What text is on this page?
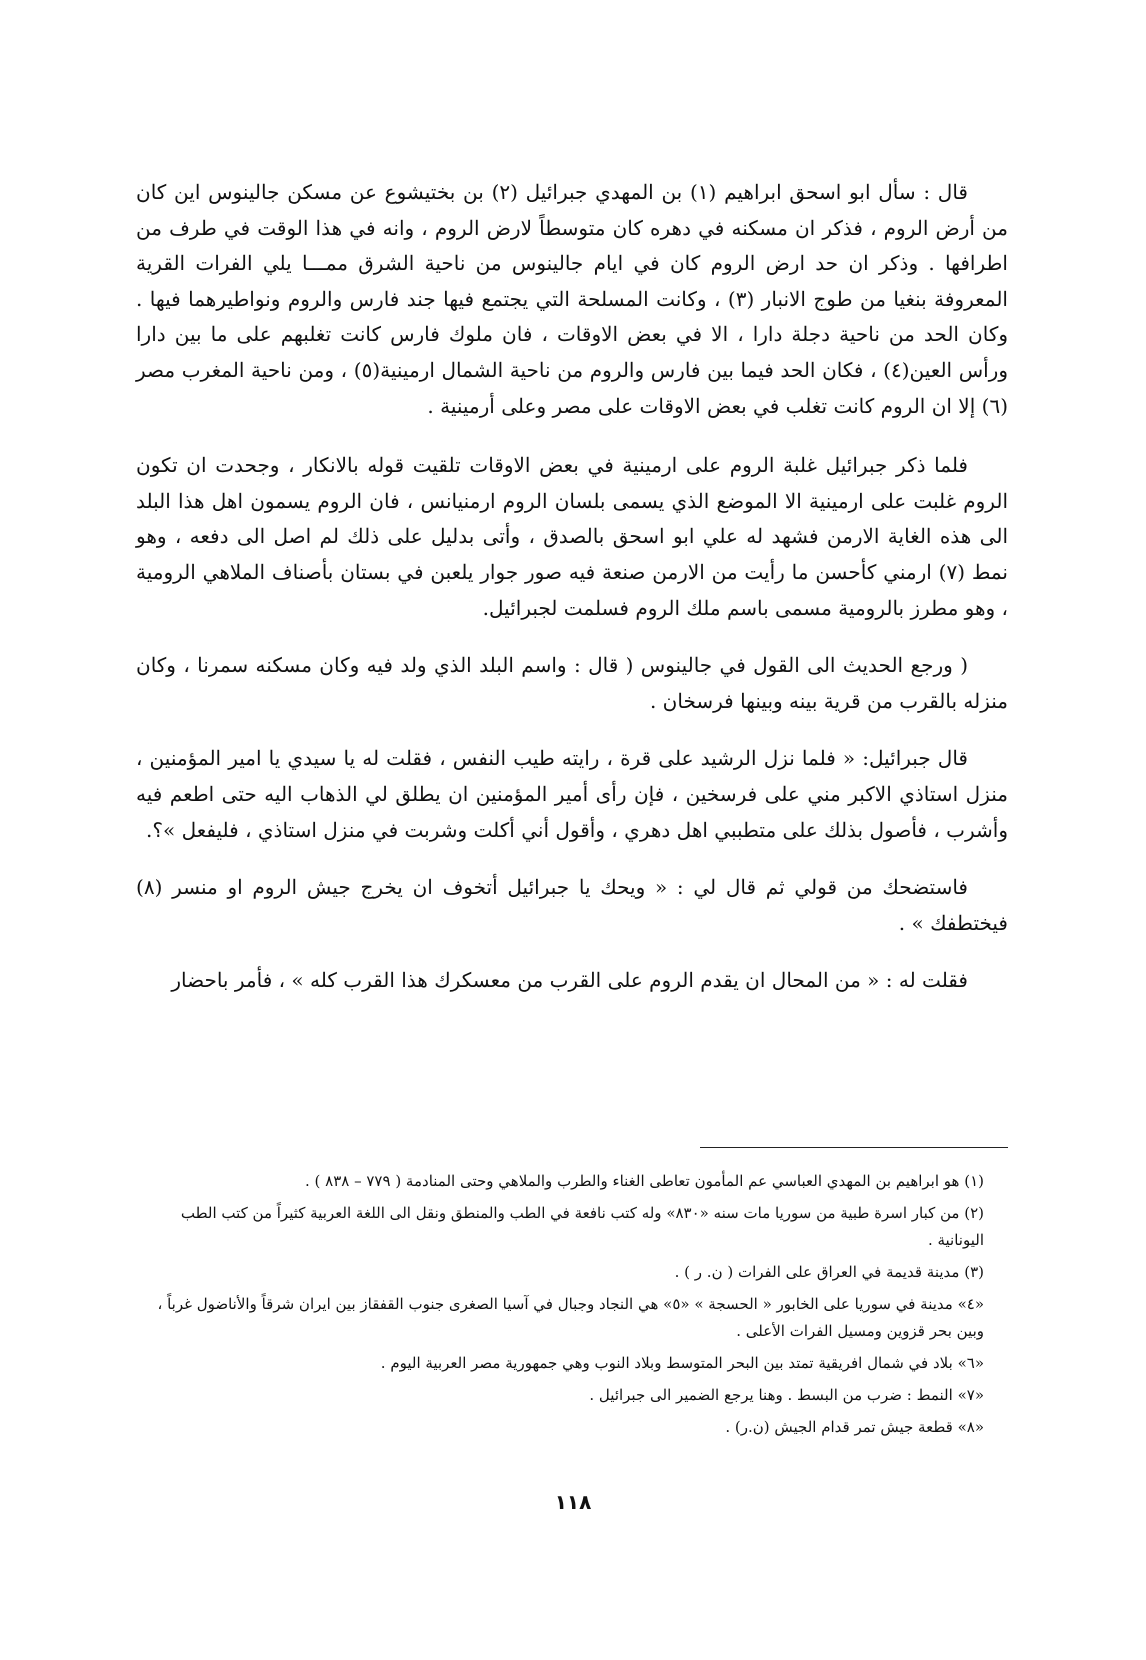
قال : سأل ابو اسحق ابراهيم (١) بن المهدي جبرائيل (٢) بن بختيشوع عن مسكن جالينوس اين كان من أرض الروم ، فذكر ان مسكنه في دهره كان متوسطاً لارض الروم ، وانه في هذا الوقت في طرف من اطرافها . وذكر ان حد ارض الروم كان في ايام جالينوس من ناحية الشرق ممـــا يلي الفرات القرية المعروفة بنغيا من طوج الانبار (٣) ، وكانت المسلحة التي يجتمع فيها جند فارس والروم ونواطيرهما فيها . وكان الحد من ناحية دجلة دارا ، الا في بعض الاوقات ، فان ملوك فارس كانت تغلبهم على ما بين دارا ورأس العين(٤) ، فكان الحد فيما بين فارس والروم من ناحية الشمال ارمينية(٥) ، ومن ناحية المغرب مصر (٦) إلا ان الروم كانت تغلب في بعض الاوقات على مصر وعلى أرمينية .

فلما ذكر جبرائيل غلبة الروم على ارمينية في بعض الاوقات تلقيت قوله بالانكار ، وجحدت ان تكون الروم غلبت على ارمينية الا الموضع الذي يسمى بلسان الروم ارمنيانس ، فان الروم يسمون اهل هذا البلد الى هذه الغاية الارمن فشهد له علي ابو اسحق بالصدق ، وأتى بدليل على ذلك لم اصل الى دفعه ، وهو نمط (٧) ارمني كأحسن ما رأيت من الارمن صنعة فيه صور جوار يلعبن في بستان بأصناف الملاهي الرومية ، وهو مطرز بالرومية مسمى باسم ملك الروم فسلمت لجبرائيل.

( ورجع الحديث الى القول في جالينوس ( قال : واسم البلد الذي ولد فيه وكان مسكنه سمرنا ، وكان منزله بالقرب من قرية بينه وبينها فرسخان .

قال جبرائيل: « فلما نزل الرشيد على قرة ، رايته طيب النفس ، فقلت له يا سيدي يا امير المؤمنين ، منزل استاذي الاكبر مني على فرسخين ، فإن رأى أمير المؤمنين ان يطلق لي الذهاب اليه حتى اطعم فيه وأشرب ، فأصول بذلك على متطببي اهل دهري ، وأقول أني أكلت وشربت في منزل استاذي ، فليفعل »؟.

فاستضحك من قولي ثم قال لي : « ويحك يا جبرائيل أتخوف ان يخرج جيش الروم او منسر (٨) فيختطفك » .

فقلت له : « من المحال ان يقدم الروم على القرب من معسكرك هذا القرب كله » ، فأمر باحضار

(١) هو ابراهيم بن المهدي العباسي عم المأمون تعاطى الغناء والطرب والملاهي وحتى المنادمة ( ٧٧٩ – ٨٣٨ ) .

(٢) من كبار اسرة طبية من سوريا مات سنه «٨٣٠» وله كتب نافعة في الطب والمنطق ونقل الى اللغة العربية كثيراً من كتب الطب اليونانية .

(٣) مدينة قديمة في العراق على الفرات ( ن. ر ) .

«٤» مدينة في سوريا على الخابور « الحسجة » «٥» هي النجاد وجبال في آسيا الصغرى جنوب القفقاز بين ايران شرقاً والأناضول غرباً ، وبين بحر قزوين ومسيل الفرات الأعلى .

«٦» بلاد في شمال افريقية تمتد بين البحر المتوسط وبلاد النوب وهي جمهورية مصر العربية اليوم .

«٧» النمط : ضرب من البسط . وهنا يرجع الضمير الى جبرائيل .

«٨» قطعة جيش تمر قدام الجيش (ن.ر) .

١١٨
